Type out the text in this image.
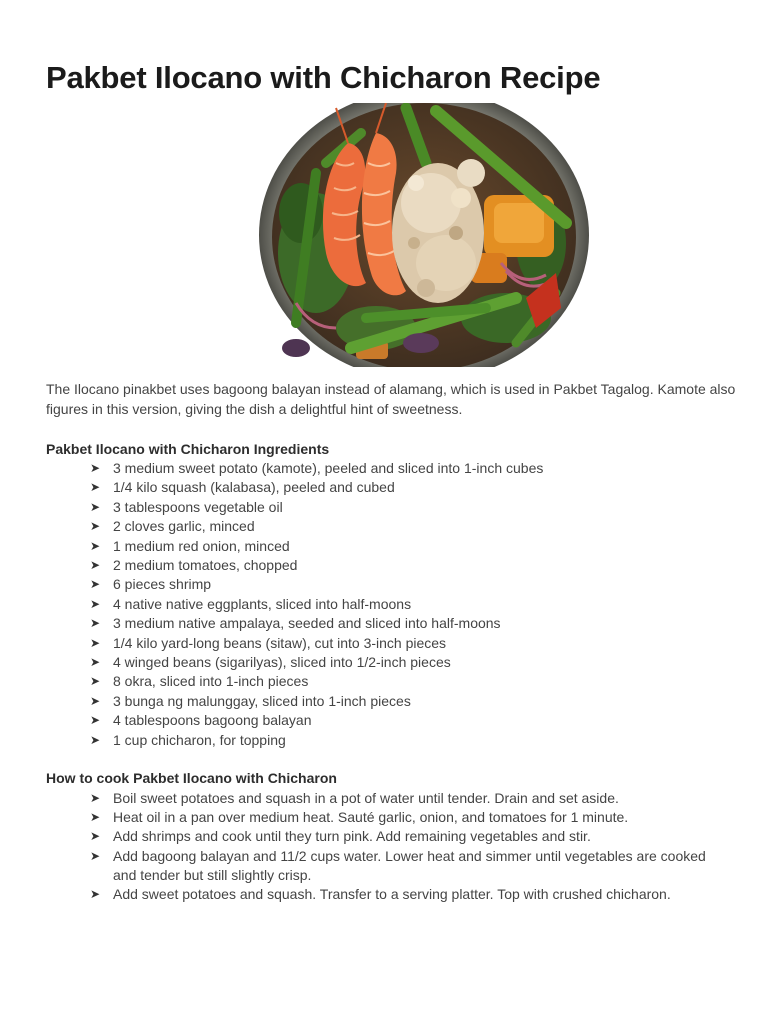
Pakbet Ilocano with Chicharon Recipe

The Ilocano pinakbet uses bagoong balayan instead of alamang, which is used in Pakbet Tagalog. Kamote also figures in this version, giving the dish a delightful hint of sweetness.

Pakbet Ilocano with Chicharon Ingredients
➤ 3 medium sweet potato (kamote), peeled and sliced into 1-inch cubes
➤ 1/4 kilo squash (kalabasa), peeled and cubed
➤ 3 tablespoons vegetable oil
➤ 2 cloves garlic, minced
➤ 1 medium red onion, minced
➤ 2 medium tomatoes, chopped
➤ 6 pieces shrimp
➤ 4 native native eggplants, sliced into half-moons
➤ 3 medium native ampalaya, seeded and sliced into half-moons
➤ 1/4 kilo yard-long beans (sitaw), cut into 3-inch pieces
➤ 4 winged beans (sigarilyas), sliced into 1/2-inch pieces
➤ 8 okra, sliced into 1-inch pieces
➤ 3 bunga ng malunggay, sliced into 1-inch pieces
➤ 4 tablespoons bagoong balayan
➤ 1 cup chicharon, for topping
How to cook Pakbet Ilocano with Chicharon
➤ Boil sweet potatoes and squash in a pot of water until tender. Drain and set aside.
➤ Heat oil in a pan over medium heat. Sauté garlic, onion, and tomatoes for 1 minute.
➤ Add shrimps and cook until they turn pink. Add remaining vegetables and stir.
➤ Add bagoong balayan and 11/2 cups water. Lower heat and simmer until vegetables are cooked and tender but still slightly crisp.
➤ Add sweet potatoes and squash. Transfer to a serving platter. Top with crushed chicharon.
